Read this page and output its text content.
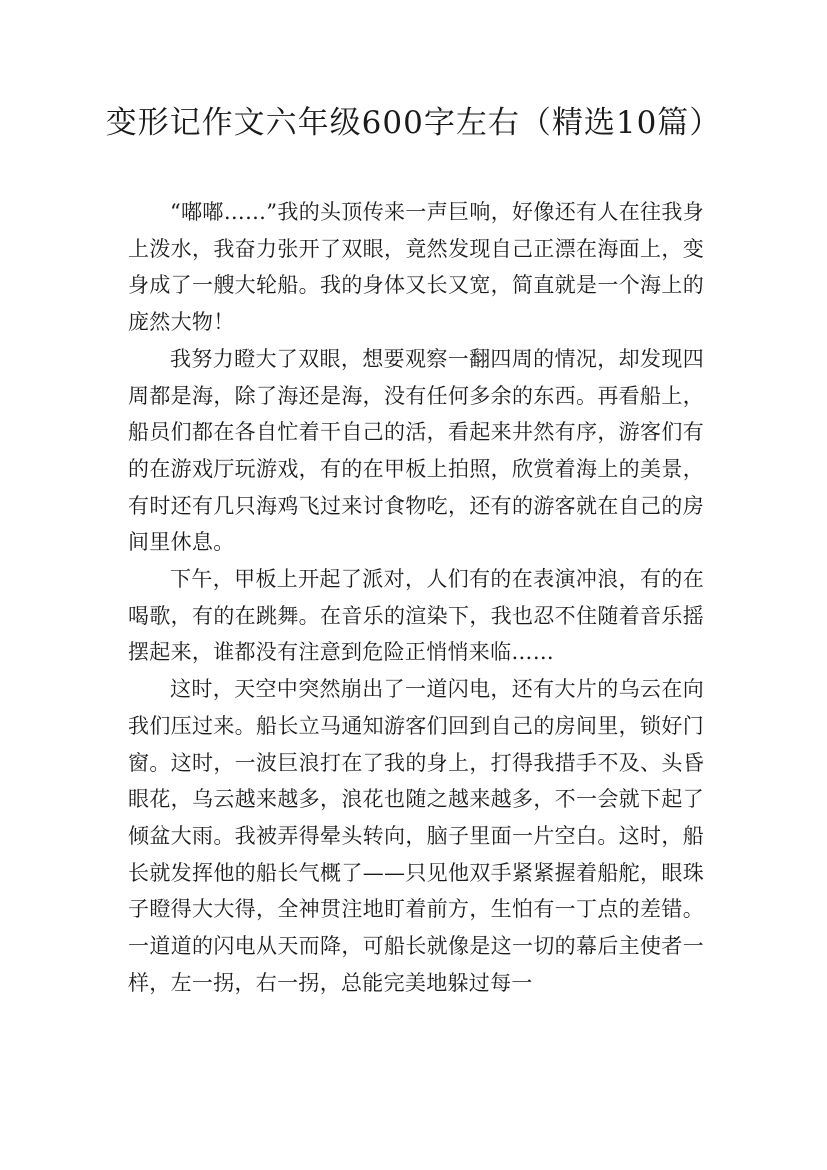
变形记作文六年级600字左右（精选10篇）

“嘟嘟……”我的头顶传来一声巨响，好像还有人在往我身上泼水，我奋力张开了双眼，竟然发现自己正漂在海面上，变身成了一艘大轮船。我的身体又长又宽，简直就是一个海上的庞然大物！

我努力瞪大了双眼，想要观察一翻四周的情况，却发现四周都是海，除了海还是海，没有任何多余的东西。再看船上，船员们都在各自忙着干自己的活，看起来井然有序，游客们有的在游戏厅玩游戏，有的在甲板上拍照，欣赏着海上的美景，有时还有几只海鸡飞过来讨食物吃，还有的游客就在自己的房间里休息。

下午，甲板上开起了派对，人们有的在表演冲浪，有的在喝歌，有的在跳舞。在音乐的渲染下，我也忍不住随着音乐摇摆起来，谁都没有注意到危险正悄悄来临……

这时，天空中突然崩出了一道闪电，还有大片的乌云在向我们压过来。船长立马通知游客们回到自己的房间里，锁好门窗。这时，一波巨浪打在了我的身上，打得我措手不及、头昏眼花，乌云越来越多，浪花也随之越来越多，不一会就下起了倾盆大雨。我被弄得晕头转向，脑子里面一片空白。这时，船长就发挥他的船长气概了——只见他双手紧紧握着船舵，眼珠子瞪得大大得，全神贯注地盯着前方，生怕有一丁点的差错。一道道的闪电从天而降，可船长就像是这一切的幕后主使者一样，左一拐，右一拐，总能完美地躲过每一
